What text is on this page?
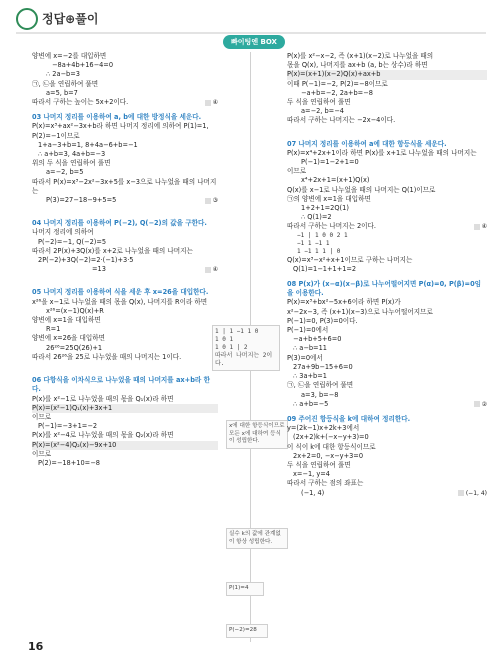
정답⊕풀이
빠이팅엔 BOX
양변에 x=−2를 대입하면
−8a+4b+16−4=0
∴ 2a−b=3
㉠, ㉡을 연립하여 풀면
a=5, b=7
따라서 구하는 높이는 5x+2이다.	④
03 나머지 정리를 이용하여 a, b에 대한 방정식을 세운다.
P(x)=x³+ax²−3x+b라 하면 나머지 정리에 의하여 P(1)=1, P(2)=−1이므로
1+a−3+b=1, 8+4a−6+b=−1
∴ a+b=3, 4a+b=−3
위의 두 식을 연립하여 풀면
a=−2, b=5
따라서 P(x)=x³−2x²−3x+5를 x−3으로 나누었을 때의 나머지는
P(3)=27−18−9+5=5	③
04 나머지 정리를 이용하여 P(−2), Q(−2)의 값을 구한다.
나머지 정리에 의하여
P(−2)=−1, Q(−2)=5
따라서 2P(x)+3Q(x)를 x+2로 나누었을 때의 나머지는
2P(−2)+3Q(−2)=2·(−1)+3·5
=13	④
05 나머지 정리를 이용하여 식을 세운 후 x=26을 대입한다.
x²⁶을 x−1로 나누었을 때의 몫을 Q(x), 나머지를 R이라 하면
x²⁶=(x−1)Q(x)+R
양변에 x=1을 대입하면
R=1
양변에 x=26을 대입하면
26²⁶=25Q(26)+1
따라서 26²⁶을 25로 나누었을 때의 나머지는 1이다.
06 다항식을 이차식으로 나누었을 때의 나머지를 ax+b라 한다.
P(x)를 x²−1로 나누었을 때의 몫을 Q₁(x)라 하면
P(x)=(x²−1)Q₁(x)+3x+1
이므로
P(−1)=−3+1=−2
P(x)를 x²−4로 나누었을 때의 몫을 Q₂(x)라 하면
P(x)=(x²−4)Q₂(x)−9x+10
이므로
P(2)=−18+10=−8
1 | 1 −1 1 0
1 0 1
1 0 1 | 2
따라서 나머지는 2이다.
x에 대한 항등식이므로 모든 x에 대하여 등식이 성립한다.
실수 k의 값에 관계없이 항상 성립한다.
P(1)=4
P(−2)=28
P(x)를 x²−x−2, 즉 (x+1)(x−2)로 나누었을 때의
몫을 Q(x), 나머지를 ax+b (a, b는 상수)라 하면
P(x)=(x+1)(x−2)Q(x)+ax+b
이때 P(−1)=−2, P(2)=−8이므로
−a+b=−2, 2a+b=−8
두 식을 연립하여 풀면
a=−2, b=−4
따라서 구하는 나머지는 −2x−4이다.
07 나머지 정리를 이용하여 a에 대한 항등식을 세운다.
P(x)=x⁴+2x+1이라 하면 P(x)를 x+1로 나누었을 때의 나머지는
P(−1)=1−2+1=0
이므로
x⁴+2x+1=(x+1)Q(x)
Q(x)를 x−1로 나누었을 때의 나머지는 Q(1)이므로
㉠의 양변에 x=1을 대입하면
1+2+1=2Q(1)
∴ Q(1)=2
따라서 구하는 나머지는 2이다.	④
−1 | 1 0 0 2 1
−1 1 −1 1
1 −1 1 1 | 0
Q(x)=x³−x²+x+1이므로 구하는 나머지는
Q(1)=1−1+1+1=2
08 P(x)가 (x−α)(x−β)로 나누어떨어지면 P(α)=0, P(β)=0임을 이용한다.
P(x)=x³+bx²−5x+6이라 하면 P(x)가
x²−2x−3, 즉 (x+1)(x−3)으로 나누어떨어지므로
P(−1)=0, P(3)=0이다.
P(−1)=0에서
−a+b+5+6=0
∴ a−b=11
P(3)=0에서
27a+9b−15+6=0
∴ 3a+b=1
㉠, ㉡을 연립하여 풀면
a=3, b=−8
∴ a+b=−5	②
09 주어진 항등식을 k에 대하여 정리한다.
y=(2k−1)x+2k+3에서
(2x+2)k+(−x−y+3)=0
이 식이 k에 대한 항등식이므로
2x+2=0, −x−y+3=0
두 식을 연립하여 풀면
x=−1, y=4
따라서 구하는 점의 좌표는
(−1, 4)	(−1, 4)
16
